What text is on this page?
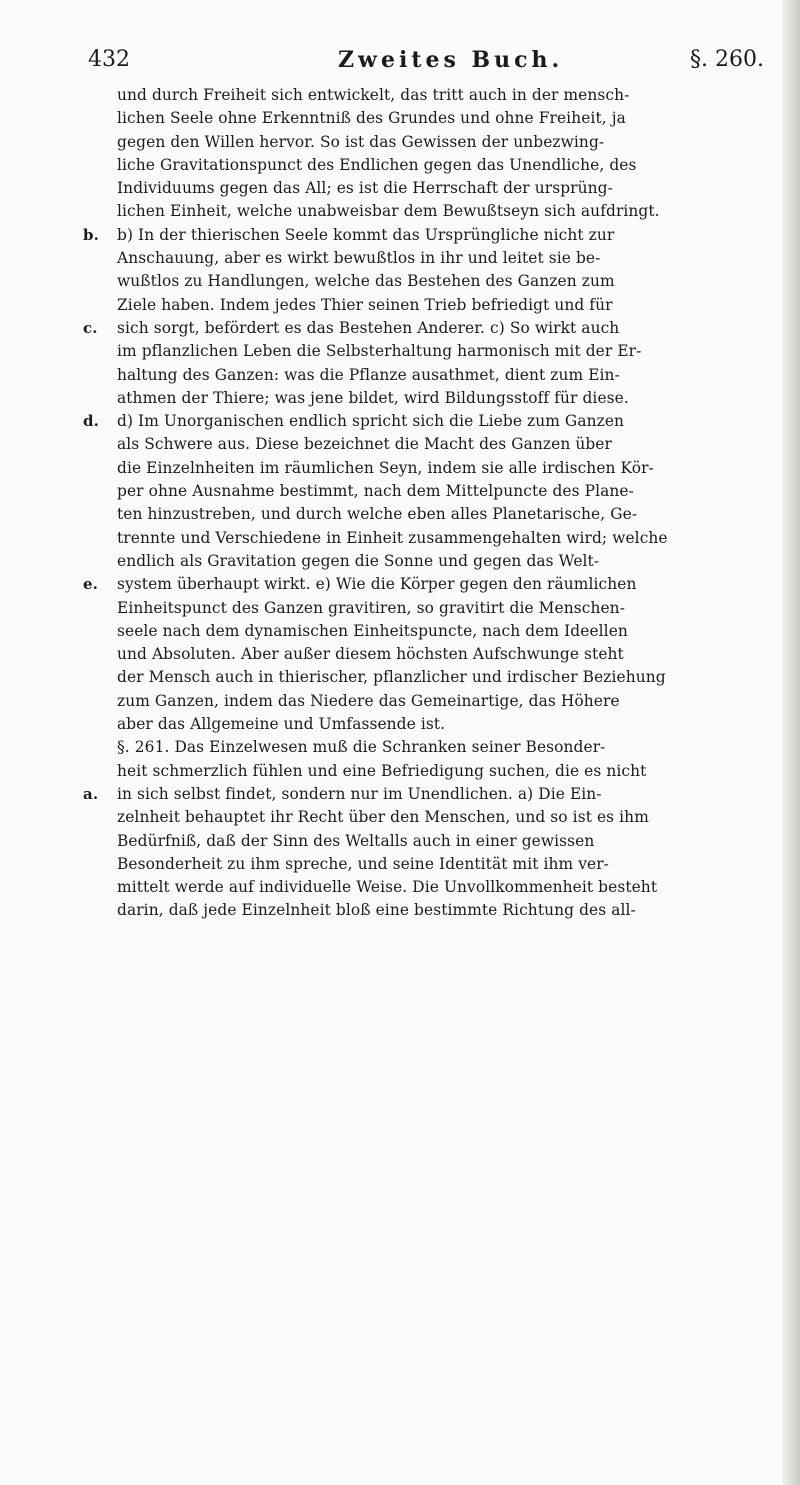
432	Zweites Buch.	§. 260.
und durch Freiheit sich entwickelt, das tritt auch in der mensch-
lichen Seele ohne Erkenntniß des Grundes und ohne Freiheit, ja
gegen den Willen hervor. So ist das Gewissen der unbezwing-
liche Gravitationspunct des Endlichen gegen das Unendliche, des
Individuums gegen das All; es ist die Herrschaft der ursprüng-
lichen Einheit, welche unabweisbar dem Bewußtseyn sich aufdringt.
b. b) In der thierischen Seele kommt das Ursprüngliche nicht zur
Anschauung, aber es wirkt bewußtlos in ihr und leitet sie be-
wußtlos zu Handlungen, welche das Bestehen des Ganzen zum
Ziele haben. Indem jedes Thier seinen Trieb befriedigt und für
c. sich sorgt, befördert es das Bestehen Anderer. c) So wirkt auch
im pflanzlichen Leben die Selbsterhaltung harmonisch mit der Er-
haltung des Ganzen: was die Pflanze ausathmet, dient zum Ein-
athmen der Thiere; was jene bildet, wird Bildungsstoff für diese.
d. d) Im Unorganischen endlich spricht sich die Liebe zum Ganzen
als Schwere aus. Diese bezeichnet die Macht des Ganzen über
die Einzelnheiten im räumlichen Seyn, indem sie alle irdischen Kör-
per ohne Ausnahme bestimmt, nach dem Mittelpuncte des Plane-
ten hinzustreben, und durch welche eben alles Planetarische, Ge-
trennte und Verschiedene in Einheit zusammengehalten wird; welche
endlich als Gravitation gegen die Sonne und gegen das Welt-
e. system überhaupt wirkt. e) Wie die Körper gegen den räumlichen
Einheitspunct des Ganzen gravitiren, so gravitirt die Menschen-
seele nach dem dynamischen Einheitspuncte, nach dem Ideellen
und Absoluten. Aber außer diesem höchsten Aufschwunge steht
der Mensch auch in thierischer, pflanzlicher und irdischer Beziehung
zum Ganzen, indem das Niedere das Gemeinartige, das Höhere
aber das Allgemeine und Umfassende ist.
§. 261. Das Einzelwesen muß die Schranken seiner Besonder-
heit schmerzlich fühlen und eine Befriedigung suchen, die es nicht
a. in sich selbst findet, sondern nur im Unendlichen. a) Die Ein-
zelnheit behauptet ihr Recht über den Menschen, und so ist es ihm
Bedürfniß, daß der Sinn des Weltalls auch in einer gewissen
Besonderheit zu ihm spreche, und seine Identität mit ihm ver-
mittelt werde auf individuelle Weise. Die Unvollkommenheit besteht
darin, daß jede Einzelnheit bloß eine bestimmte Richtung des all-
